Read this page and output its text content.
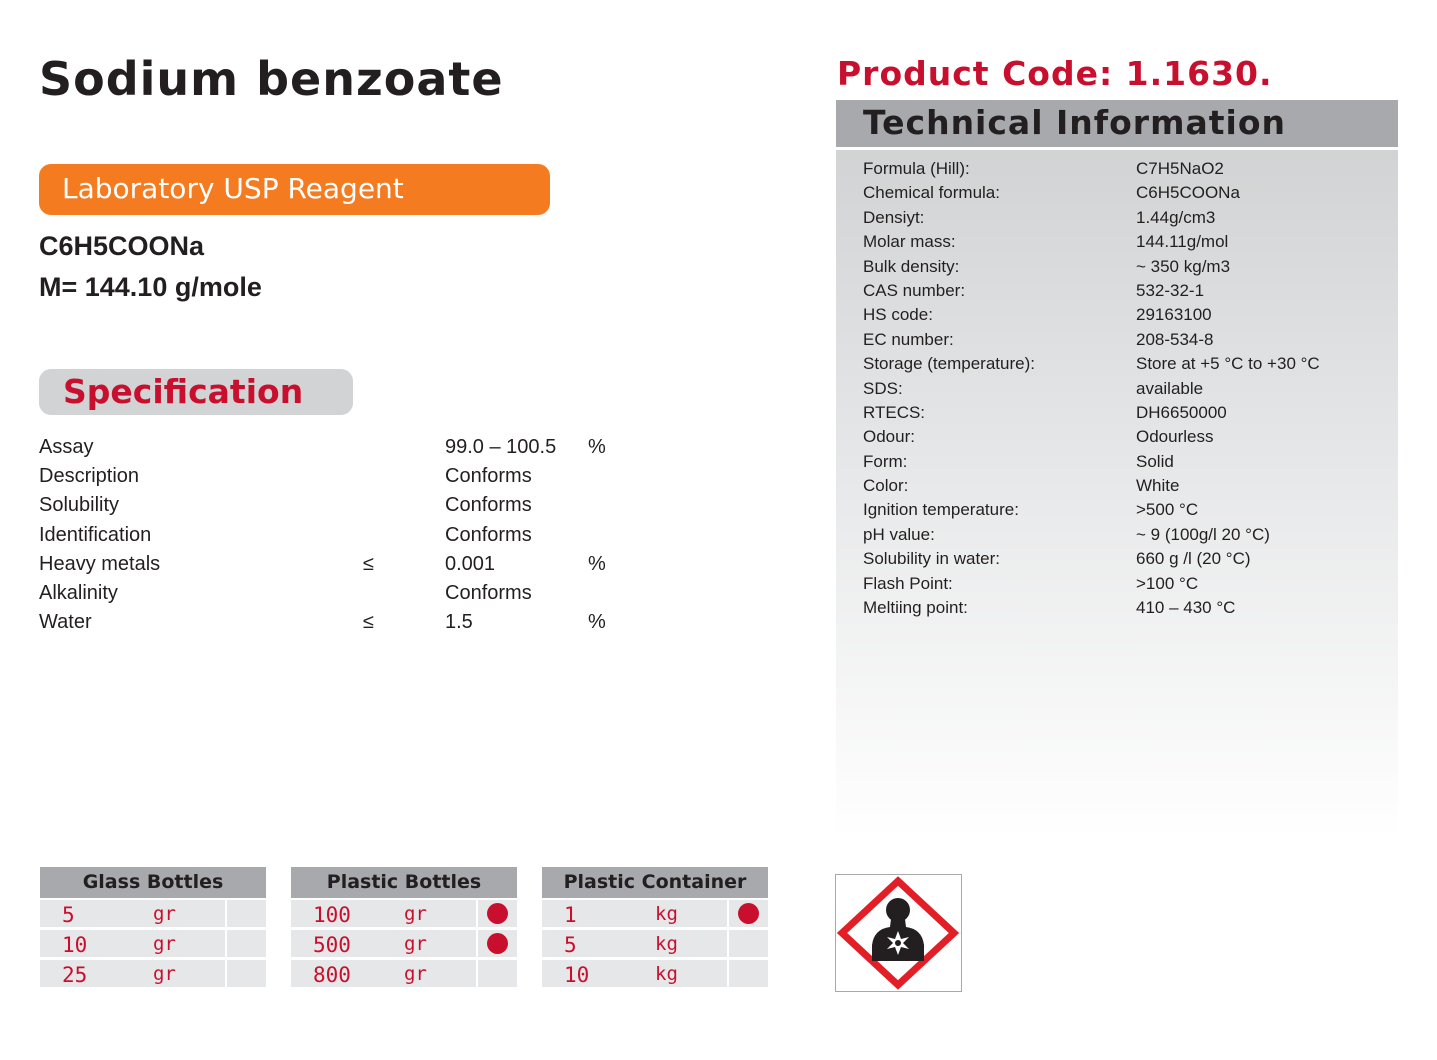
Sodium benzoate
Laboratory USP Reagent
C6H5COONa
M= 144.10 g/mole
Specification
Assay	99.0 – 100.5 %
Description	Conforms
Solubility	Conforms
Identification	Conforms
Heavy metals	≤	0.001	%
Alkalinity	Conforms
Water	≤	1.5	%
Product Code: 1.1630.
Technical Information
Formula (Hill):	C7H5NaO2
Chemical formula:	C6H5COONa
Densiyt:	1.44g/cm3
Molar mass:	144.11g/mol
Bulk density:	~ 350 kg/m3
CAS number:	532-32-1
HS code:	29163100
EC number:	208-534-8
Storage (temperature):	Store at +5 °C to +30 °C
SDS:	available
RTECS:	DH6650000
Odour:	Odourless
Form:	Solid
Color:	White
Ignition temperature:	>500 °C
pH value:	~ 9 (100g/l 20 °C)
Solubility in water:	660 g /l (20 °C)
Flash Point:	>100 °C
Meltiing point:	410 – 430 °C
Glass Bottles
5	gr
10	gr
25	gr
Plastic Bottles
100	gr
500	gr
800	gr
Plastic Container
1	kg
5	kg
10	kg
